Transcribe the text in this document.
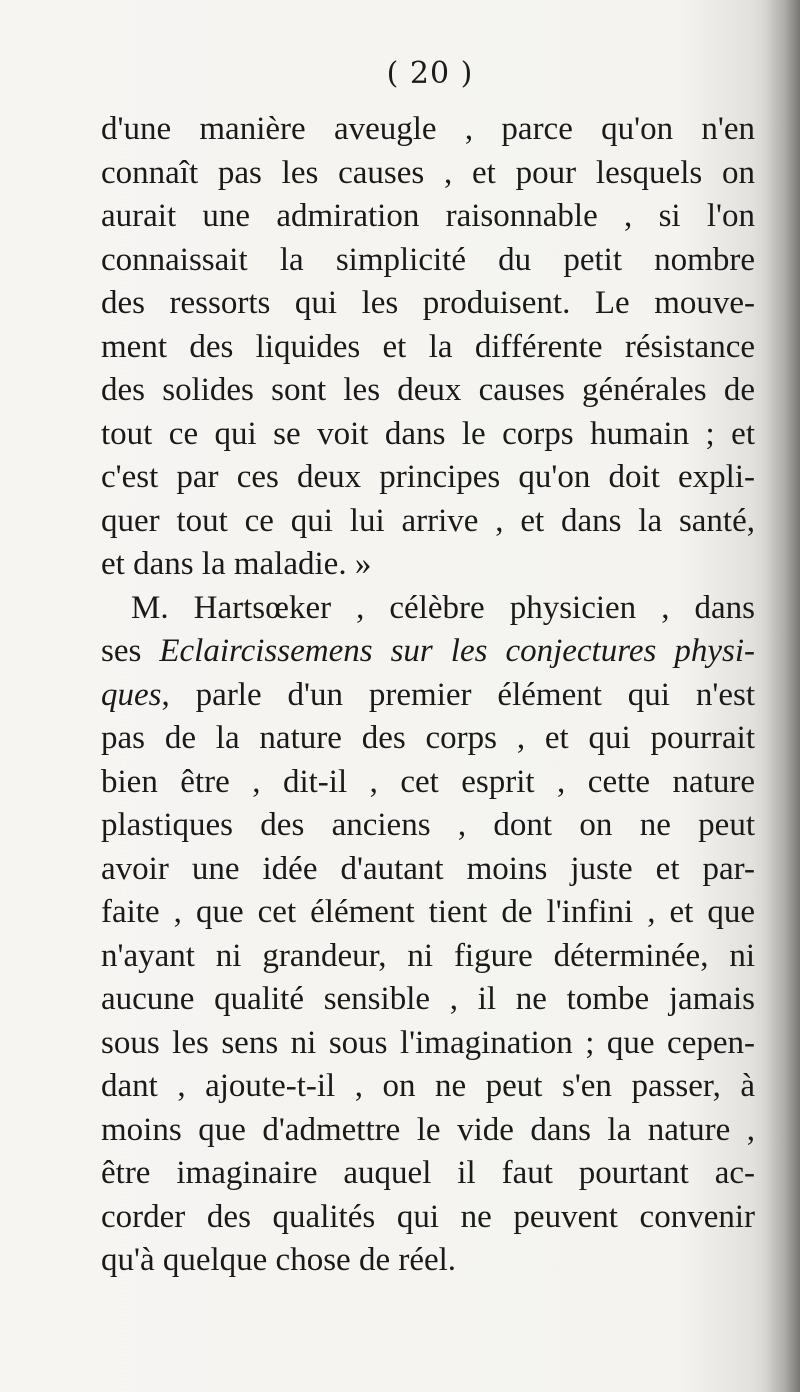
( 20 )
d'une manière aveugle , parce qu'on n'en
connaît pas les causes , et pour lesquels on
aurait une admiration raisonnable , si l'on
connaissait la simplicité du petit nombre
des ressorts qui les produisent. Le mouve-
ment des liquides et la différente résistance
des solides sont les deux causes générales de
tout ce qui se voit dans le corps humain ; et
c'est par ces deux principes qu'on doit expli-
quer tout ce qui lui arrive , et dans la santé,
et dans la maladie. »
M. Hartsœker , célèbre physicien , dans
ses Eclaircissemens sur les conjectures physi-
ques, parle d'un premier élément qui n'est
pas de la nature des corps , et qui pourrait
bien être , dit-il , cet esprit , cette nature
plastiques des anciens , dont on ne peut
avoir une idée d'autant moins juste et par-
faite , que cet élément tient de l'infini , et que
n'ayant ni grandeur, ni figure déterminée, ni
aucune qualité sensible , il ne tombe jamais
sous les sens ni sous l'imagination ; que cepen-
dant , ajoute-t-il , on ne peut s'en passer, à
moins que d'admettre le vide dans la nature ,
être imaginaire auquel il faut pourtant ac-
corder des qualités qui ne peuvent convenir
qu'à quelque chose de réel.
